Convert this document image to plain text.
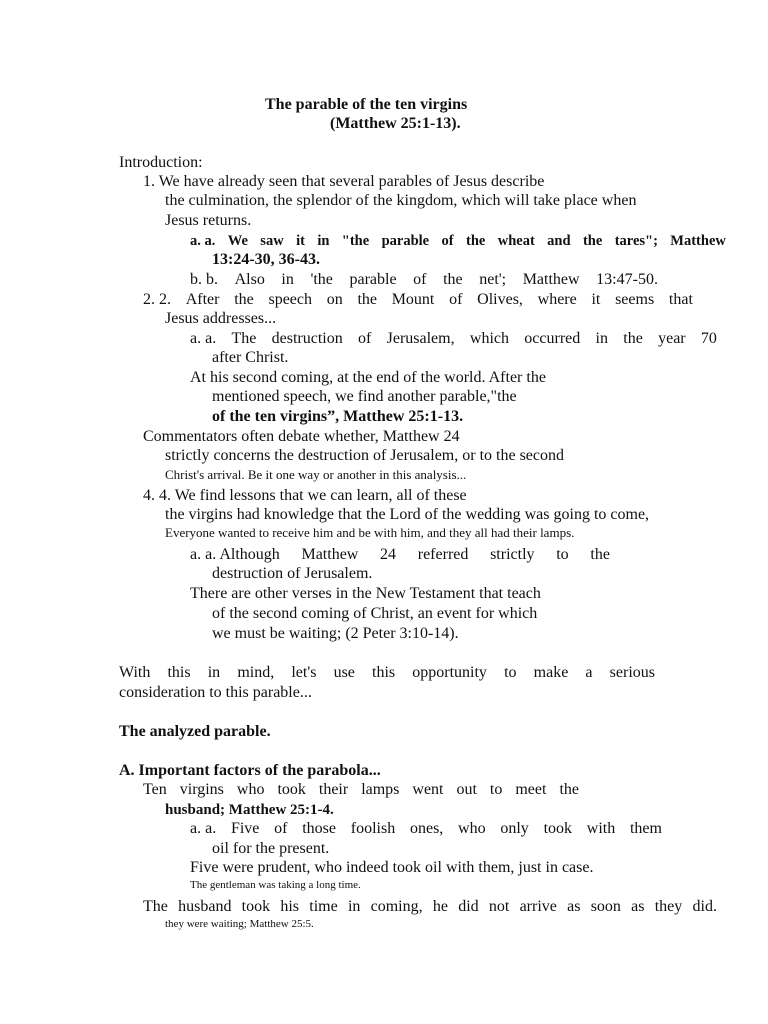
The parable of the ten virgins
(Matthew 25:1-13).
Introduction:
1. We have already seen that several parables of Jesus describe
the culmination, the splendor of the kingdom, which will take place when
Jesus returns.
a. a. We saw it in "the parable of the wheat and the tares"; Matthew
13:24-30, 36-43.
b. b. Also in 'the parable of the net'; Matthew 13:47-50.
2. 2. After the speech on the Mount of Olives, where it seems that
Jesus addresses...
a. a. The destruction of Jerusalem, which occurred in the year 70
after Christ.
At his second coming, at the end of the world. After the
mentioned speech, we find another parable,"the
of the ten virgins”, Matthew 25:1-13.
Commentators often debate whether, Matthew 24
strictly concerns the destruction of Jerusalem, or to the second
Christ's arrival. Be it one way or another in this analysis...
4. 4. We find lessons that we can learn, all of these
the virgins had knowledge that the Lord of the wedding was going to come,
Everyone wanted to receive him and be with him, and they all had their lamps.
a. a. Although Matthew 24 referred strictly to the
destruction of Jerusalem.
There are other verses in the New Testament that teach
of the second coming of Christ, an event for which
we must be waiting; (2 Peter 3:10-14).
With this in mind, let's use this opportunity to make a serious
consideration to this parable...
The analyzed parable.
A. Important factors of the parabola...
Ten virgins who took their lamps went out to meet the
husband; Matthew 25:1-4.
a. a. Five of those foolish ones, who only took with them
oil for the present.
Five were prudent, who indeed took oil with them, just in case.
The gentleman was taking a long time.
The husband took his time in coming, he did not arrive as soon as they did.
they were waiting; Matthew 25:5.
